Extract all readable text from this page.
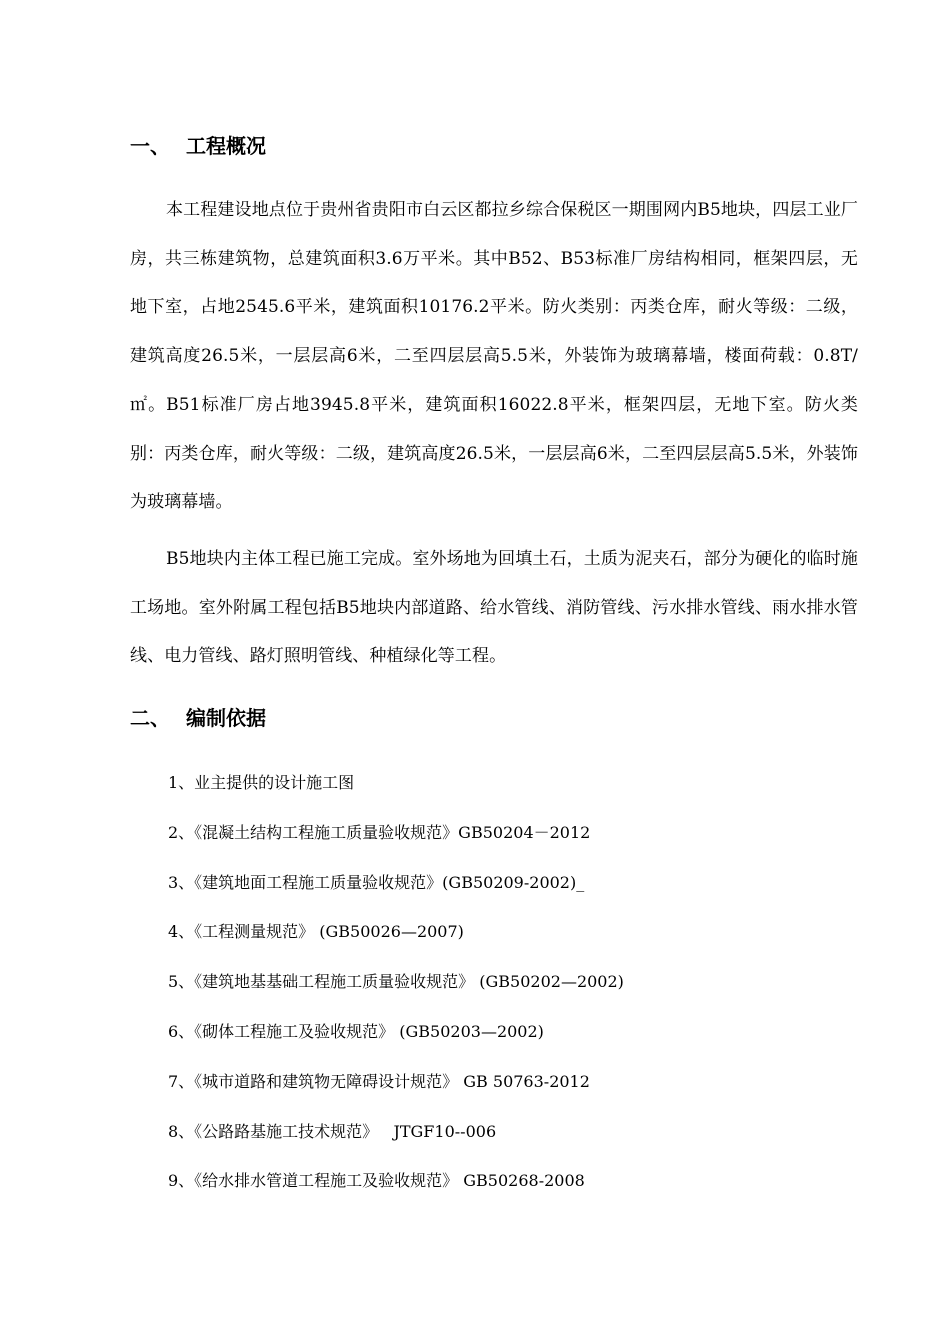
一、 工程概况

本工程建设地点位于贵州省贵阳市白云区都拉乡综合保税区一期围网内B5地块，四层工业厂房，共三栋建筑物，总建筑面积3.6万平米。其中B52、B53标准厂房结构相同，框架四层，无地下室，占地2545.6平米，建筑面积10176.2平米。防火类别：丙类仓库，耐火等级：二级，建筑高度26.5米，一层层高6米，二至四层层高5.5米，外装饰为玻璃幕墙，楼面荷载：0.8T/㎡。B51标准厂房占地3945.8平米，建筑面积16022.8平米，框架四层，无地下室。防火类别：丙类仓库，耐火等级：二级，建筑高度26.5米，一层层高6米，二至四层层高5.5米，外装饰为玻璃幕墙。

B5地块内主体工程已施工完成。室外场地为回填土石，土质为泥夹石，部分为硬化的临时施工场地。室外附属工程包括B5地块内部道路、给水管线、消防管线、污水排水管线、雨水排水管线、电力管线、路灯照明管线、种植绿化等工程。

二、 编制依据
1、业主提供的设计施工图
2、《混凝土结构工程施工质量验收规范》GB50204－2012
3、《建筑地面工程施工质量验收规范》(GB50209-2002)_
4、《工程测量规范》 (GB50026—2007)
5、《建筑地基基础工程施工质量验收规范》 (GB50202—2002)
6、《砌体工程施工及验收规范》 (GB50203—2002)
7、《城市道路和建筑物无障碍设计规范》 GB 50763-2012
8、《公路路基施工技术规范》   JTGF10--006
9、《给水排水管道工程施工及验收规范》 GB50268-2008
